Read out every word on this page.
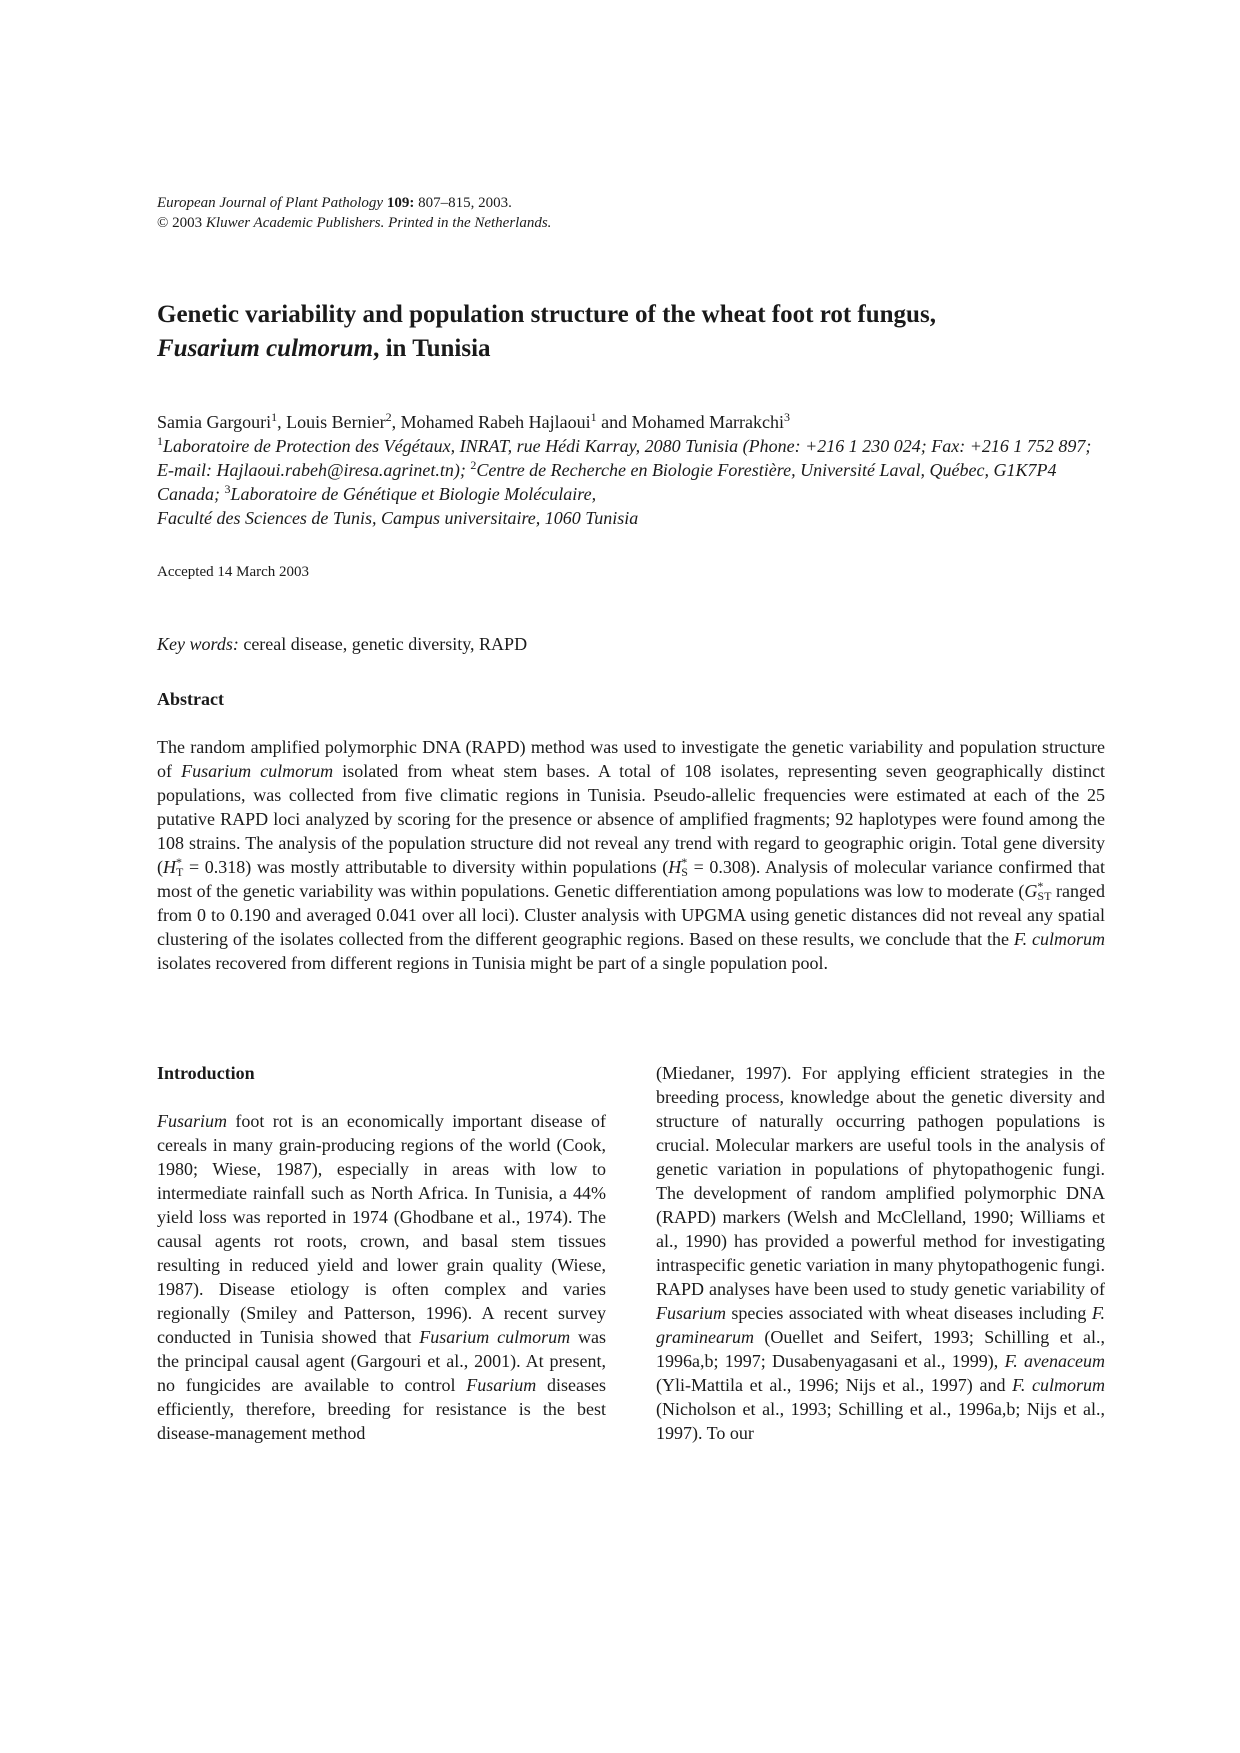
European Journal of Plant Pathology 109: 807–815, 2003.
© 2003 Kluwer Academic Publishers. Printed in the Netherlands.
Genetic variability and population structure of the wheat foot rot fungus,
Fusarium culmorum, in Tunisia
Samia Gargouri$^1$, Louis Bernier$^2$, Mohamed Rabeh Hajlaoui$^1$ and Mohamed Marrakchi$^3$
$^1$Laboratoire de Protection des Végétaux, INRAT, rue Hédi Karray, 2080 Tunisia (Phone: +216 1 230 024; Fax: +216 1 752 897; E-mail: Hajlaoui.rabeh@iresa.agrinet.tn); $^2$Centre de Recherche en Biologie Forestière, Université Laval, Québec, G1K7P4 Canada; $^3$Laboratoire de Génétique et Biologie Moléculaire,
Faculté des Sciences de Tunis, Campus universitaire, 1060 Tunisia
Accepted 14 March 2003
Key words: cereal disease, genetic diversity, RAPD
Abstract

The random amplified polymorphic DNA (RAPD) method was used to investigate the genetic variability and population structure of Fusarium culmorum isolated from wheat stem bases. A total of 108 isolates, representing seven geographically distinct populations, was collected from five climatic regions in Tunisia. Pseudo-allelic frequencies were estimated at each of the 25 putative RAPD loci analyzed by scoring for the presence or absence of amplified fragments; 92 haplotypes were found among the 108 strains. The analysis of the population structure did not reveal any trend with regard to geographic origin. Total gene diversity $(H^*_T = 0.318)$ was mostly attributable to diversity within populations $(H^*_S = 0.308)$. Analysis of molecular variance confirmed that most of the genetic variability was within populations. Genetic differentiation among populations was low to moderate ($G^*_{ST}$ ranged from 0 to 0.190 and averaged 0.041 over all loci). Cluster analysis with UPGMA using genetic distances did not reveal any spatial clustering of the isolates collected from the different geographic regions. Based on these results, we conclude that the F. culmorum isolates recovered from different regions in Tunisia might be part of a single population pool.

Introduction

Fusarium foot rot is an economically important disease of cereals in many grain-producing regions of the world (Cook, 1980; Wiese, 1987), especially in areas with low to intermediate rainfall such as North Africa. In Tunisia, a 44% yield loss was reported in 1974 (Ghodbane et al., 1974). The causal agents rot roots, crown, and basal stem tissues resulting in reduced yield and lower grain quality (Wiese, 1987). Disease etiology is often complex and varies regionally (Smiley and Patterson, 1996). A recent survey conducted in Tunisia showed that Fusarium culmorum was the principal causal agent (Gargouri et al., 2001). At present, no fungicides are available to control Fusarium diseases efficiently, therefore, breeding for resistance is the best disease-management method

(Miedaner, 1997). For applying efficient strategies in the breeding process, knowledge about the genetic diversity and structure of naturally occurring pathogen populations is crucial. Molecular markers are useful tools in the analysis of genetic variation in populations of phytopathogenic fungi. The development of random amplified polymorphic DNA (RAPD) markers (Welsh and McClelland, 1990; Williams et al., 1990) has provided a powerful method for investigating intraspecific genetic variation in many phytopathogenic fungi. RAPD analyses have been used to study genetic variability of Fusarium species associated with wheat diseases including F. graminearum (Ouellet and Seifert, 1993; Schilling et al., 1996a,b; 1997; Dusabenyagasani et al., 1999), F. avenaceum (Yli-Mattila et al., 1996; Nijs et al., 1997) and F. culmorum (Nicholson et al., 1993; Schilling et al., 1996a,b; Nijs et al., 1997). To our
